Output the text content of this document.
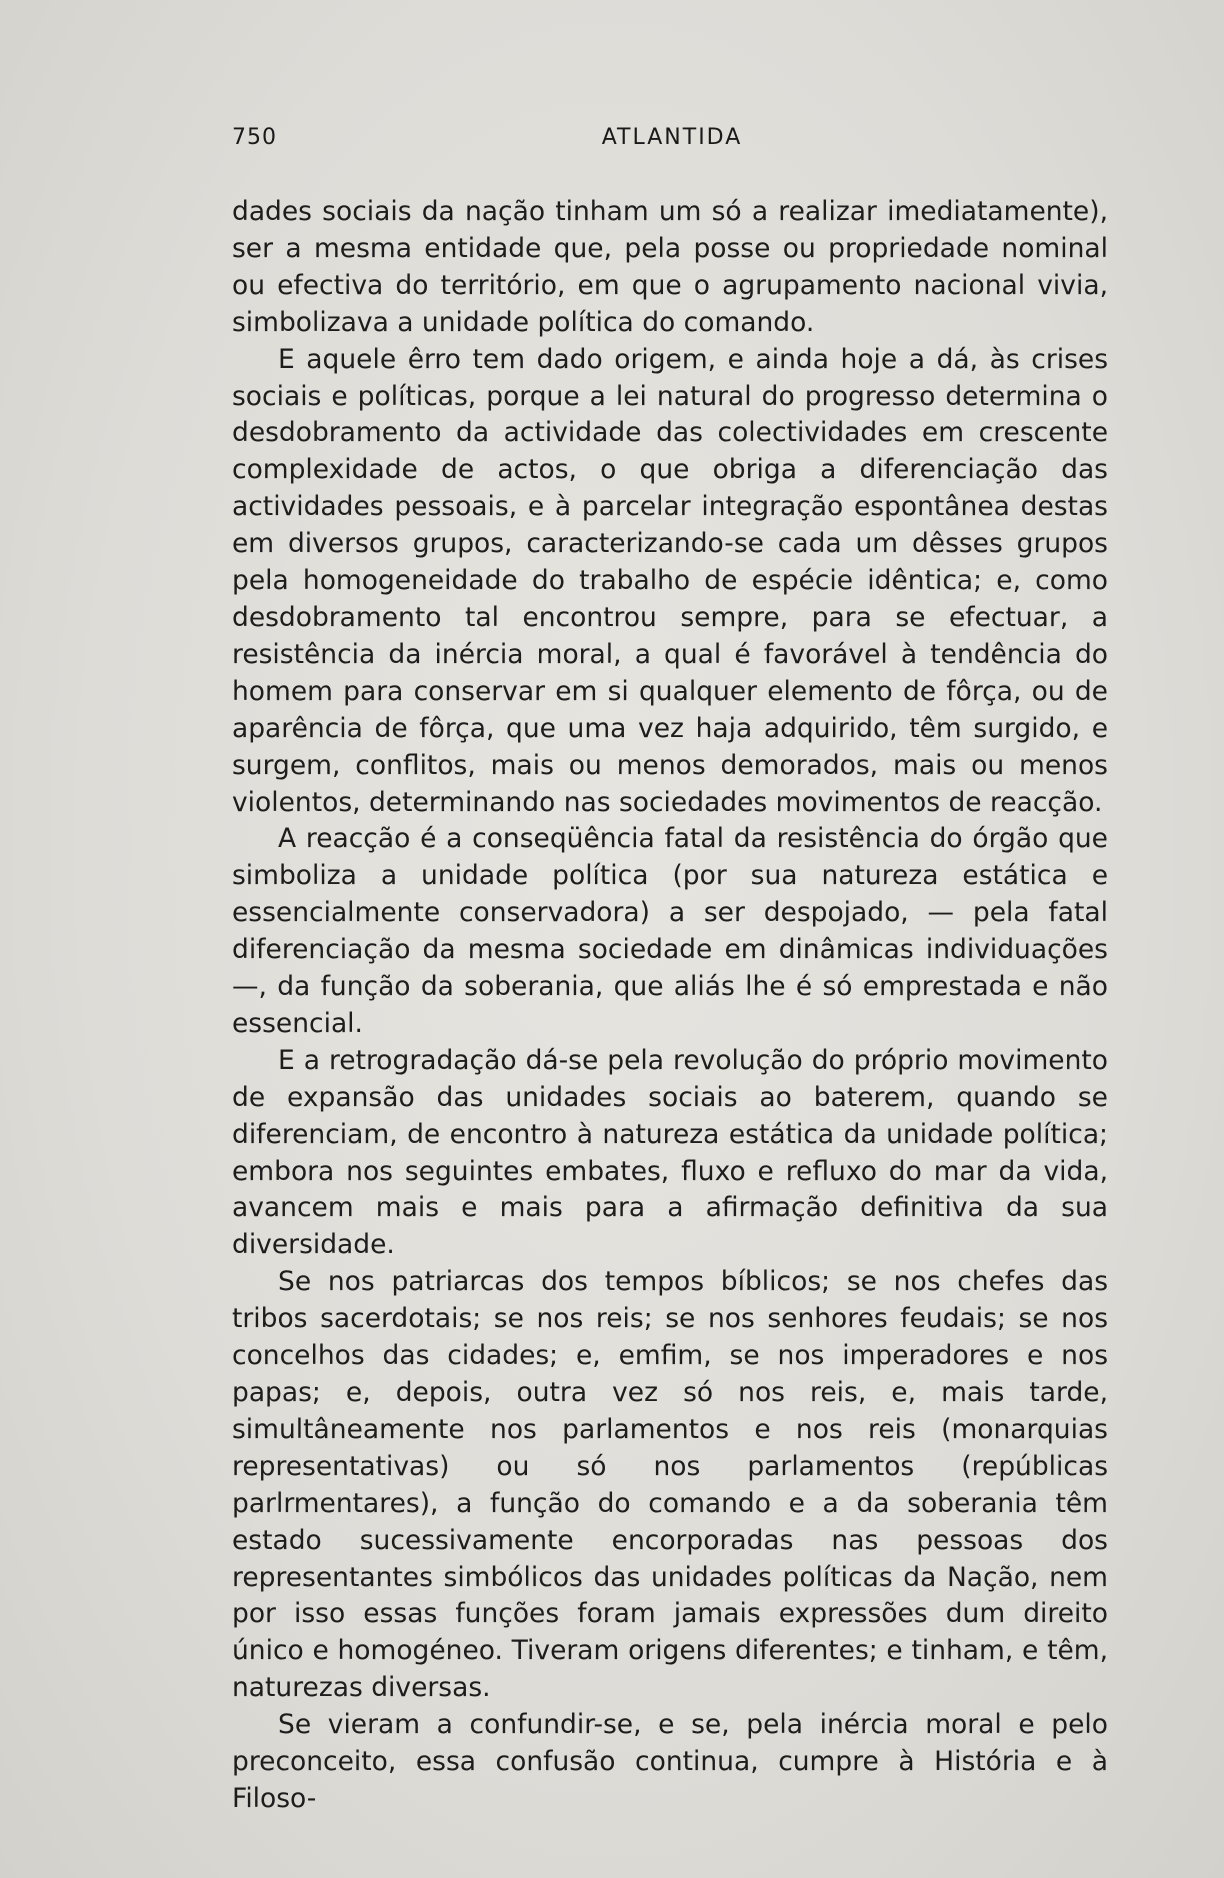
750	ATLANTIDA

dades sociais da nação tinham um só a realizar imediatamente), ser a mesma entidade que, pela posse ou propriedade nominal ou efectiva do território, em que o agrupamento nacional vivia, simbolizava a unidade política do comando.

E aquele êrro tem dado origem, e ainda hoje a dá, às crises sociais e políticas, porque a lei natural do progresso determina o desdobramento da actividade das colectividades em crescente complexidade de actos, o que obriga a diferenciação das actividades pessoais, e à parcelar integração espontânea destas em diversos grupos, caracterizando-se cada um dêsses grupos pela homogeneidade do trabalho de espécie idêntica; e, como desdobramento tal encontrou sempre, para se efectuar, a resistência da inércia moral, a qual é favorável à tendência do homem para conservar em si qualquer elemento de fôrça, ou de aparência de fôrça, que uma vez haja adquirido, têm surgido, e surgem, conflitos, mais ou menos demorados, mais ou menos violentos, determinando nas sociedades movimentos de reacção.

A reacção é a conseqüência fatal da resistência do órgão que simboliza a unidade política (por sua natureza estática e essencialmente conservadora) a ser despojado, — pela fatal diferenciação da mesma sociedade em dinâmicas individuações —, da função da soberania, que aliás lhe é só emprestada e não essencial.

E a retrogradação dá-se pela revolução do próprio movimento de expansão das unidades sociais ao baterem, quando se diferenciam, de encontro à natureza estática da unidade política; embora nos seguintes embates, fluxo e refluxo do mar da vida, avancem mais e mais para a afirmação definitiva da sua diversidade.

Se nos patriarcas dos tempos bíblicos; se nos chefes das tribos sacerdotais; se nos reis; se nos senhores feudais; se nos concelhos das cidades; e, emfim, se nos imperadores e nos papas; e, depois, outra vez só nos reis, e, mais tarde, simultâneamente nos parlamentos e nos reis (monarquias representativas) ou só nos parlamentos (repúblicas parlrmentares), a função do comando e a da soberania têm estado sucessivamente encorporadas nas pessoas dos representantes simbólicos das unidades políticas da Nação, nem por isso essas funções foram jamais expressões dum direito único e homogéneo. Tiveram origens diferentes; e tinham, e têm, naturezas diversas.

Se vieram a confundir-se, e se, pela inércia moral e pelo preconceito, essa confusão continua, cumpre à História e à Filoso-
